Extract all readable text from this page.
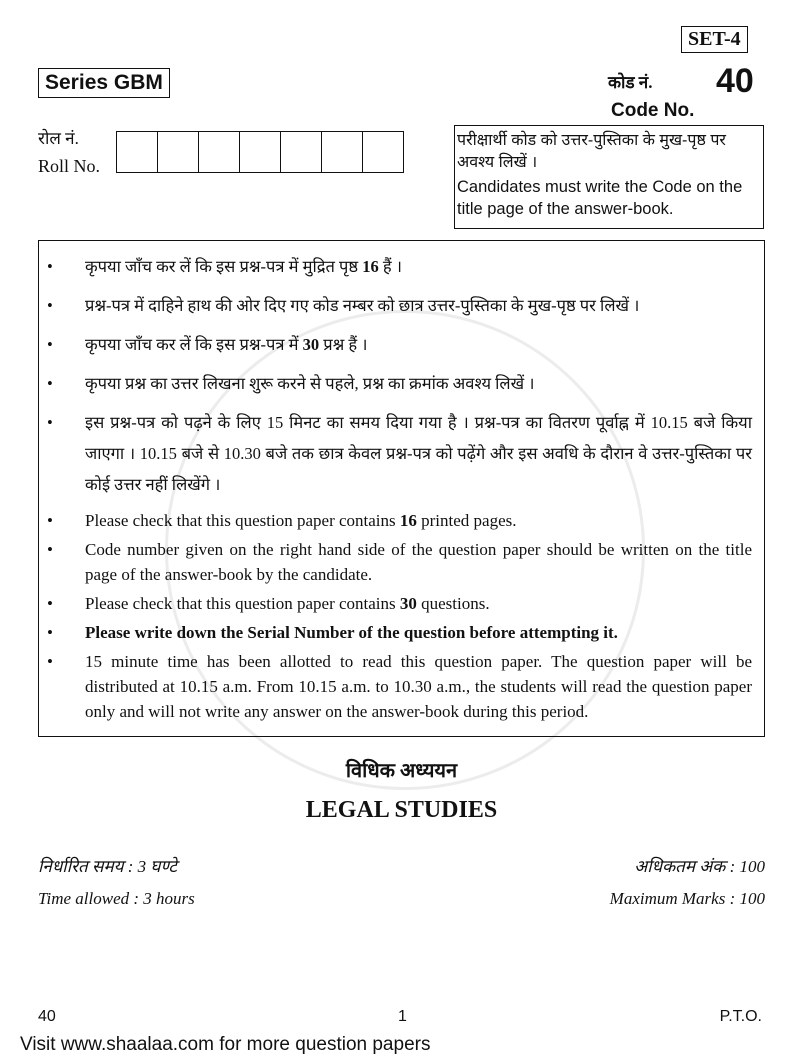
SET-4
Series GBM	कोड नं. 40
Code No.
रोल नं.
Roll No.
परीक्षार्थी कोड को उत्तर-पुस्तिका के मुख-पृष्ठ पर अवश्य लिखें ।
Candidates must write the Code on the title page of the answer-book.
• कृपया जाँच कर लें कि इस प्रश्न-पत्र में मुद्रित पृष्ठ 16 हैं ।
• प्रश्न-पत्र में दाहिने हाथ की ओर दिए गए कोड नम्बर को छात्र उत्तर-पुस्तिका के मुख-पृष्ठ पर लिखें ।
• कृपया जाँच कर लें कि इस प्रश्न-पत्र में 30 प्रश्न हैं ।
• कृपया प्रश्न का उत्तर लिखना शुरू करने से पहले, प्रश्न का क्रमांक अवश्य लिखें ।
• इस प्रश्न-पत्र को पढ़ने के लिए 15 मिनट का समय दिया गया है । प्रश्न-पत्र का वितरण पूर्वाह्न में 10.15 बजे किया जाएगा । 10.15 बजे से 10.30 बजे तक छात्र केवल प्रश्न-पत्र को पढ़ेंगे और इस अवधि के दौरान वे उत्तर-पुस्तिका पर कोई उत्तर नहीं लिखेंगे ।
• Please check that this question paper contains 16 printed pages.
• Code number given on the right hand side of the question paper should be written on the title page of the answer-book by the candidate.
• Please check that this question paper contains 30 questions.
• Please write down the Serial Number of the question before attempting it.
• 15 minute time has been allotted to read this question paper. The question paper will be distributed at 10.15 a.m. From 10.15 a.m. to 10.30 a.m., the students will read the question paper only and will not write any answer on the answer-book during this period.
विधिक अध्ययन
LEGAL STUDIES
निर्धारित समय : 3 घण्टे	अधिकतम अंक : 100
Time allowed : 3 hours	Maximum Marks : 100
40	1	P.T.O.
Visit www.shaalaa.com for more question papers
